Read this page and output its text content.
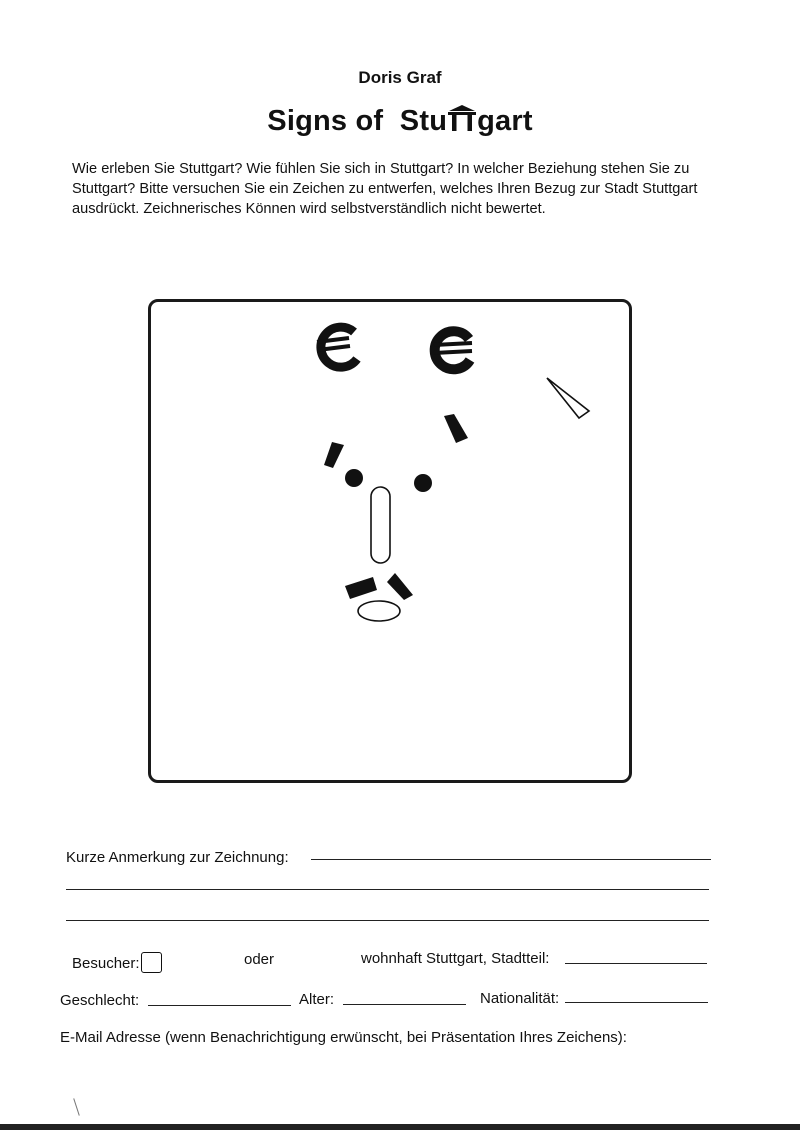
Doris Graf
Signs of Stu gart
Wie erleben Sie Stuttgart? Wie fühlen Sie sich in Stuttgart? In welcher Beziehung stehen Sie zu Stuttgart? Bitte versuchen Sie ein Zeichen zu entwerfen, welches Ihren Bezug zur Stadt Stuttgart ausdrückt. Zeichnerisches Können wird selbstverständlich nicht bewertet.
Kurze Anmerkung zur Zeichnung:
Besucher:	oder	wohnhaft Stuttgart, Stadtteil:
Geschlecht:	Alter:	Nationalität:
E-Mail Adresse (wenn Benachrichtigung erwünscht, bei Präsentation Ihres Zeichens):
